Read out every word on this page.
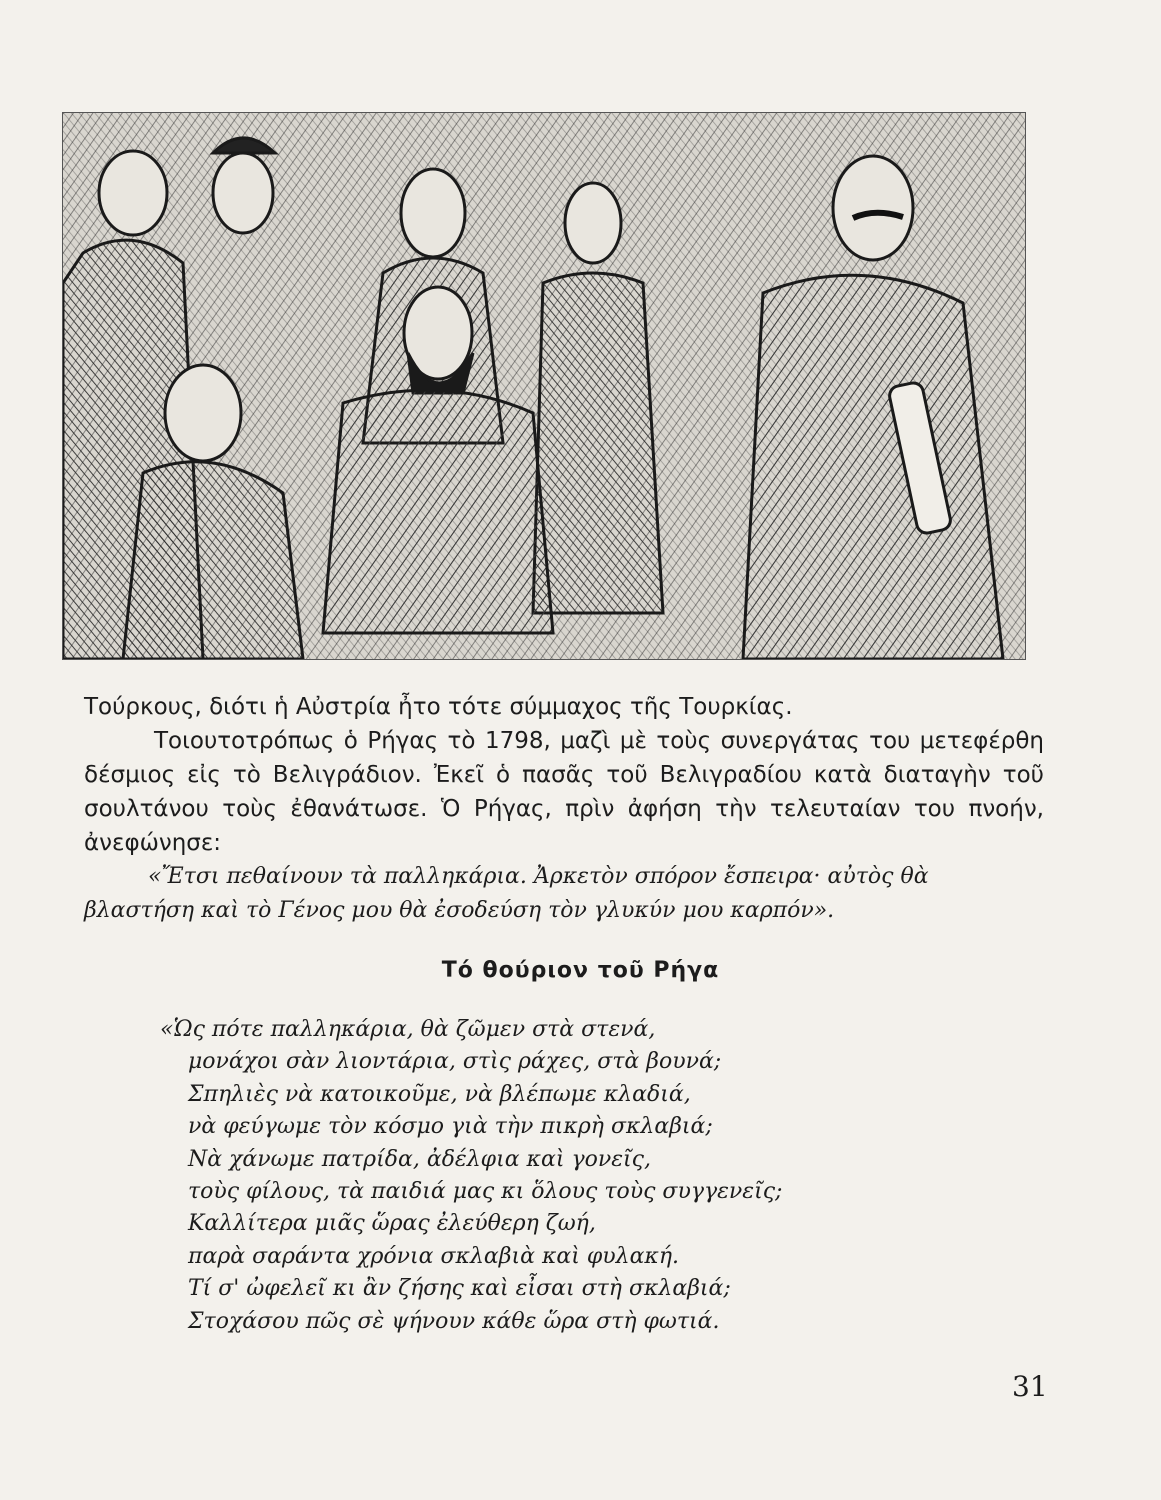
Τούρκους, διότι ἡ Αὐστρία ἦτο τότε σύμμαχος τῆς Τουρκίας.

Τοιουτοτρόπως ὁ Ρήγας τὸ 1798, μαζὶ μὲ τοὺς συνεργάτας του μετεφέρθη δέσμιος εἰς τὸ Βελιγράδιον. Ἐκεῖ ὁ πασᾶς τοῦ Βελιγραδίου κατὰ διαταγὴν τοῦ σουλτάνου τοὺς ἐθανάτωσε. Ὁ Ρήγας, πρὶν ἀφήση τὴν τελευταίαν του πνοήν, ἀνεφώνησε:

«Ἔτσι πεθαίνουν τὰ παλληκάρια. Ἀρκετὸν σπόρον ἔσπειρα· αὐτὸς θὰ βλαστήση καὶ τὸ Γένος μου θὰ ἐσοδεύση τὸν γλυκύν μου καρπόν».

Τό θούριον τοῦ Ρήγα
«Ὡς πότε παλληκάρια, θὰ ζῶμεν στὰ στενά,
μονάχοι σὰν λιοντάρια, στὶς ράχες, στὰ βουνά;
Σπηλιὲς νὰ κατοικοῦμε, νὰ βλέπωμε κλαδιά,
νὰ φεύγωμε τὸν κόσμο γιὰ τὴν πικρὴ σκλαβιά;
Νὰ χάνωμε πατρίδα, ἀδέλφια καὶ γονεῖς,
τοὺς φίλους, τὰ παιδιά μας κι ὅλους τοὺς συγγενεῖς;
Καλλίτερα μιᾶς ὥρας ἐλεύθερη ζωή,
παρὰ σαράντα χρόνια σκλαβιὰ καὶ φυλακή.
Τί σ' ὠφελεῖ κι ἂν ζήσης καὶ εἶσαι στὴ σκλαβιά;
Στοχάσου πῶς σὲ ψήνουν κάθε ὥρα στὴ φωτιά.
31
